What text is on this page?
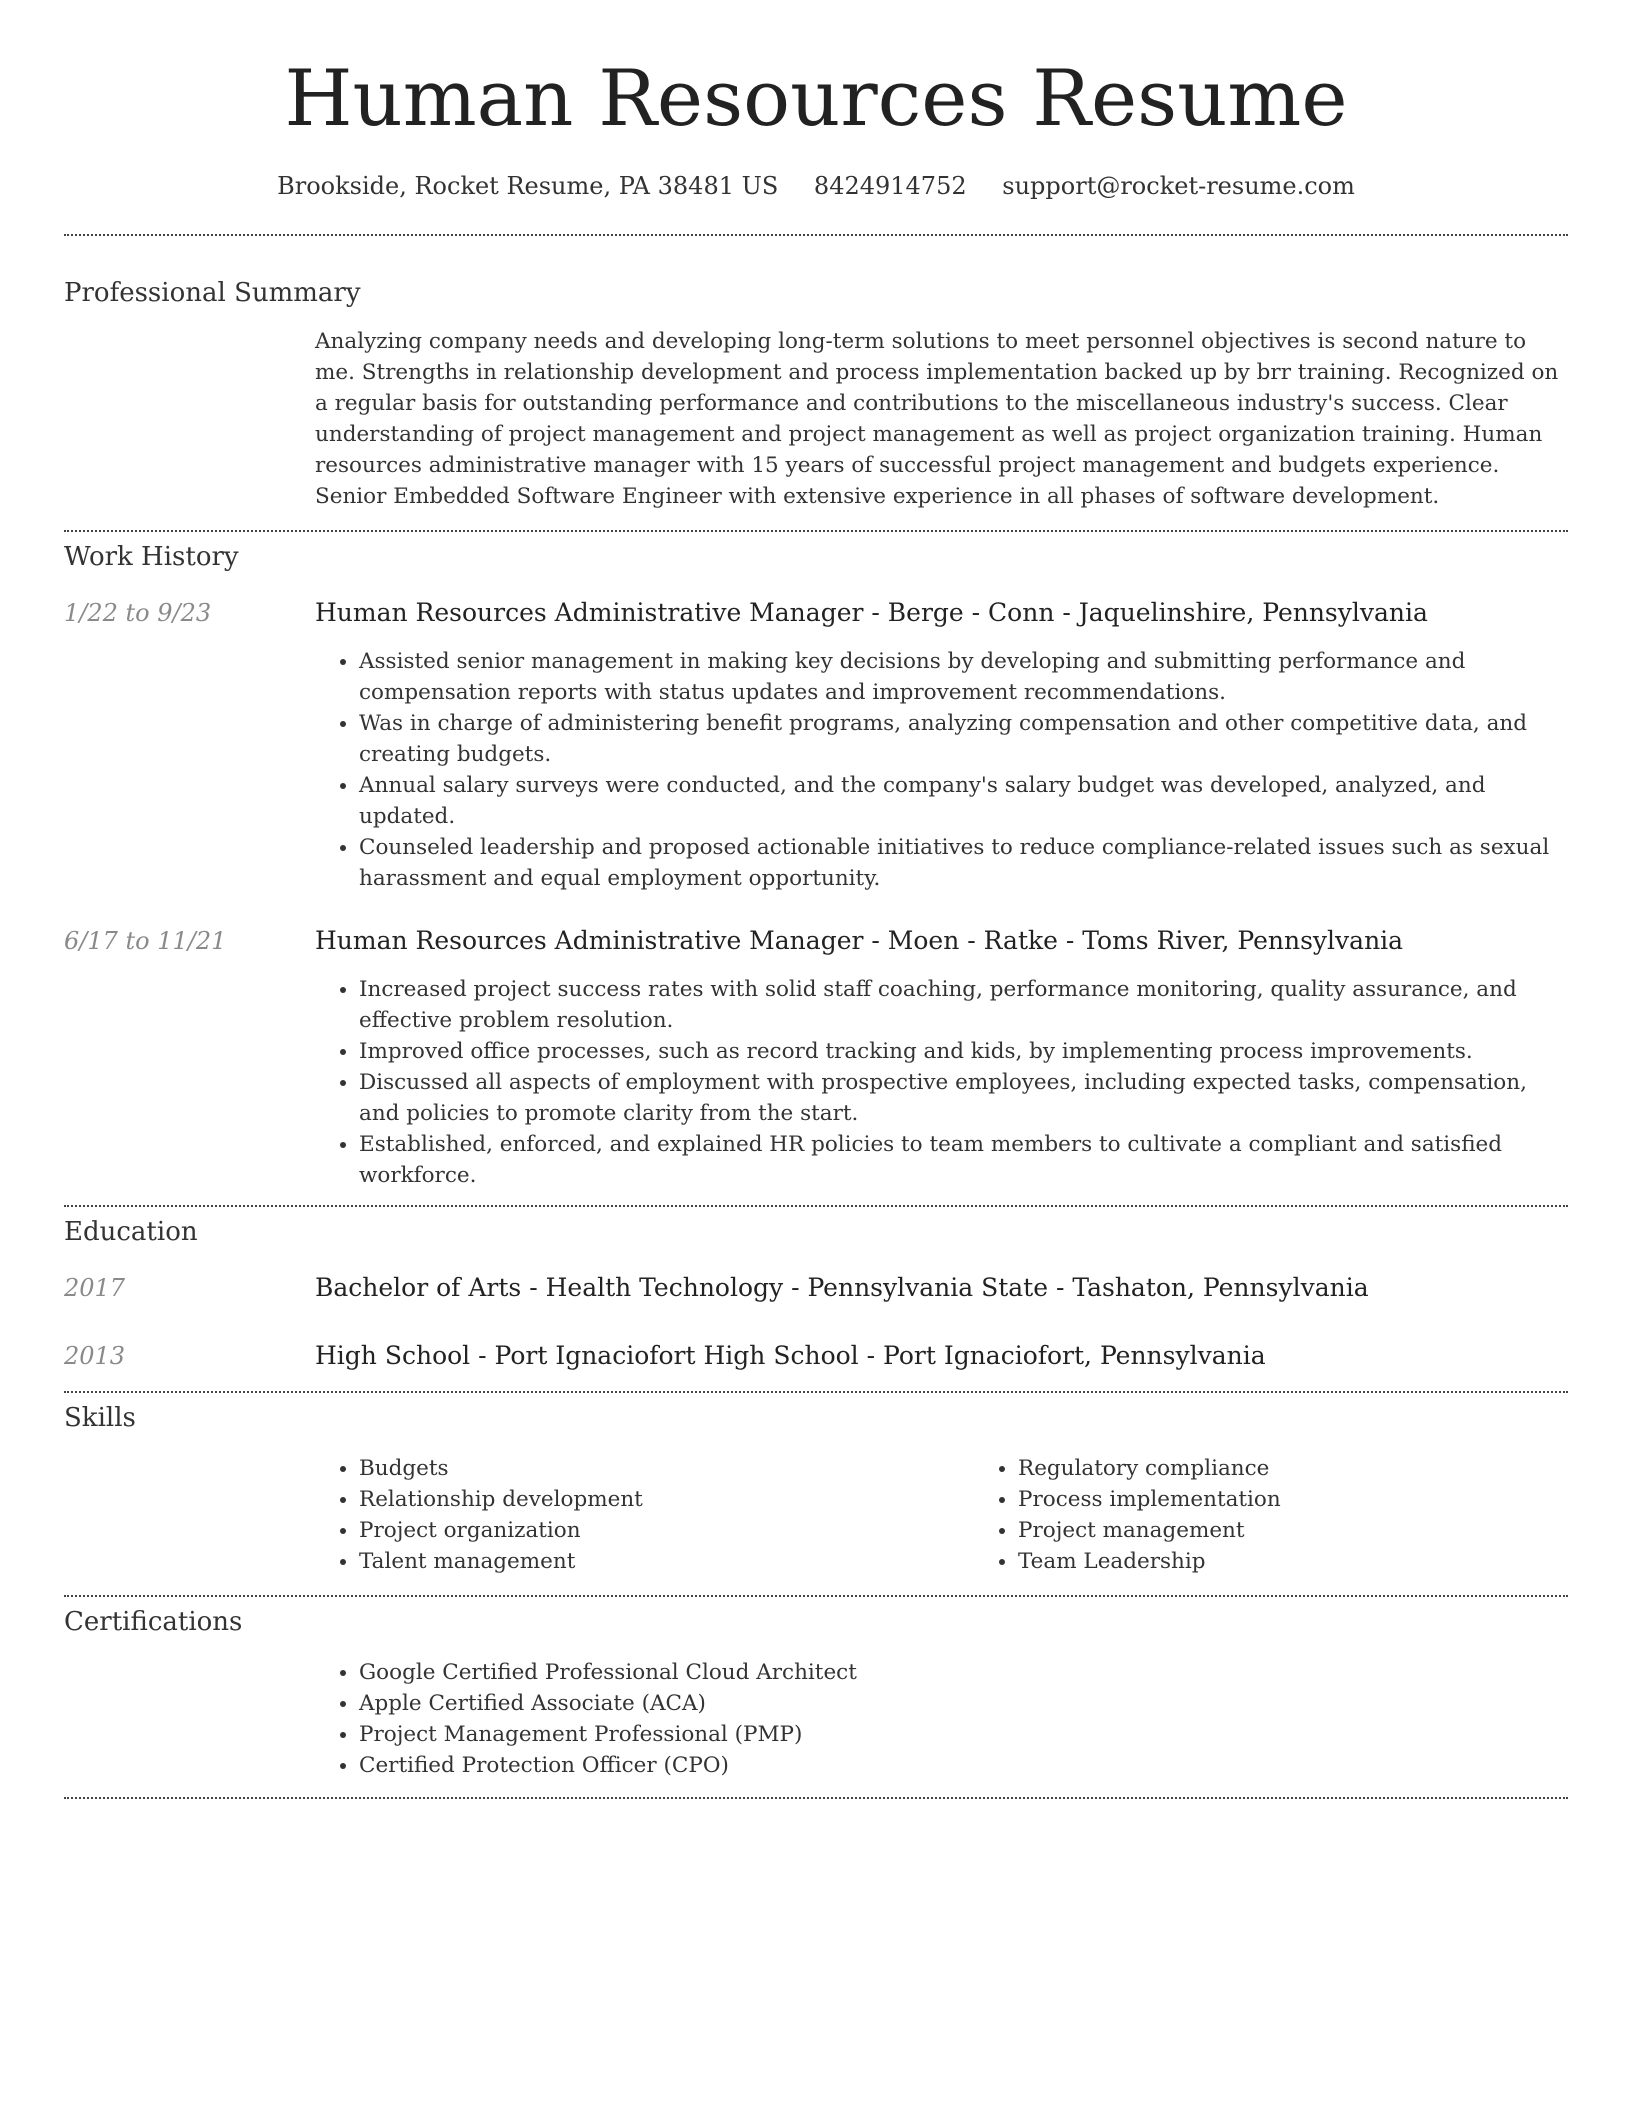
Human Resources Resume
Brookside, Rocket Resume, PA 38481 US 8424914752 support@rocket-resume.com
Professional Summary
Analyzing company needs and developing long-term solutions to meet personnel objectives is second nature to me. Strengths in relationship development and process implementation backed up by brr training. Recognized on a regular basis for outstanding performance and contributions to the miscellaneous industry's success. Clear understanding of project management and project management as well as project organization training. Human resources administrative manager with 15 years of successful project management and budgets experience. Senior Embedded Software Engineer with extensive experience in all phases of software development.
Work History
1/22 to 9/23	Human Resources Administrative Manager - Berge - Conn - Jaquelinshire, Pennsylvania
• Assisted senior management in making key decisions by developing and submitting performance and compensation reports with status updates and improvement recommendations.
• Was in charge of administering benefit programs, analyzing compensation and other competitive data, and creating budgets.
• Annual salary surveys were conducted, and the company's salary budget was developed, analyzed, and updated.
• Counseled leadership and proposed actionable initiatives to reduce compliance-related issues such as sexual harassment and equal employment opportunity.
6/17 to 11/21	Human Resources Administrative Manager - Moen - Ratke - Toms River, Pennsylvania
• Increased project success rates with solid staff coaching, performance monitoring, quality assurance, and effective problem resolution.
• Improved office processes, such as record tracking and kids, by implementing process improvements.
• Discussed all aspects of employment with prospective employees, including expected tasks, compensation, and policies to promote clarity from the start.
• Established, enforced, and explained HR policies to team members to cultivate a compliant and satisfied workforce.
Education
2017	Bachelor of Arts - Health Technology - Pennsylvania State - Tashaton, Pennsylvania
2013	High School - Port Ignaciofort High School - Port Ignaciofort, Pennsylvania
Skills
• Budgets
• Relationship development
• Project organization
• Talent management
• Regulatory compliance
• Process implementation
• Project management
• Team Leadership
Certifications
• Google Certified Professional Cloud Architect
• Apple Certified Associate (ACA)
• Project Management Professional (PMP)
• Certified Protection Officer (CPO)
